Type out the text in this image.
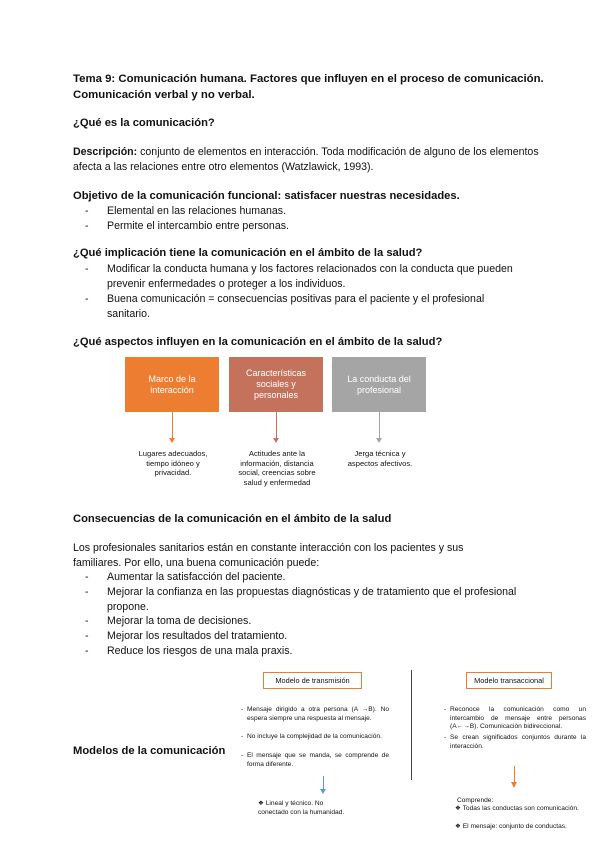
Tema 9: Comunicación humana. Factores que influyen en el proceso de comunicación. Comunicación verbal y no verbal.
¿Qué es la comunicación?
Descripción: conjunto de elementos en interacción. Toda modificación de alguno de los elementos afecta a las relaciones entre otro elementos (Watzlawick, 1993).
Objetivo de la comunicación funcional: satisfacer nuestras necesidades.
- Elemental en las relaciones humanas.
- Permite el intercambio entre personas.
¿Qué implicación tiene la comunicación en el ámbito de la salud?
- Modificar la conducta humana y los factores relacionados con la conducta que pueden prevenir enfermedades o proteger a los individuos.
- Buena comunicación = consecuencias positivas para el paciente y el profesional sanitario.
¿Qué aspectos influyen en la comunicación en el ámbito de la salud?
Marco de la interacción
Características sociales y personales
La conducta del profesional
Lugares adecuados, tiempo idóneo y privacidad.
Actitudes ante la información, distancia social, creencias sobre salud y enfermedad
Jerga técnica y aspectos afectivos.
Consecuencias de la comunicación en el ámbito de la salud
Los profesionales sanitarios están en constante interacción con los pacientes y sus familiares. Por ello, una buena comunicación puede:
- Aumentar la satisfacción del paciente.
- Mejorar la confianza en las propuestas diagnósticas y de tratamiento que el profesional propone.
- Mejorar la toma de decisiones.
- Mejorar los resultados del tratamiento.
- Reduce los riesgos de una mala praxis.
Modelos de la comunicación
Modelo de transmisión	Modelo transaccional
- Mensaje dirigido a otra persona (A →B). No espera siempre una respuesta al mensaje.
- No incluye la complejidad de la comunicación.
- El mensaje que se manda, se comprende de forma diferente.
❖ Lineal y técnico. No conectado con la humanidad.
- Reconoce la comunicación como un intercambio de mensaje entre personas (A←→B). Comunicación bidireccional.
- Se crean significados conjuntos durante la interacción.
Comprende:
❖ Todas las conductas son comunicación.
❖ El mensaje: conjunto de conductas.
